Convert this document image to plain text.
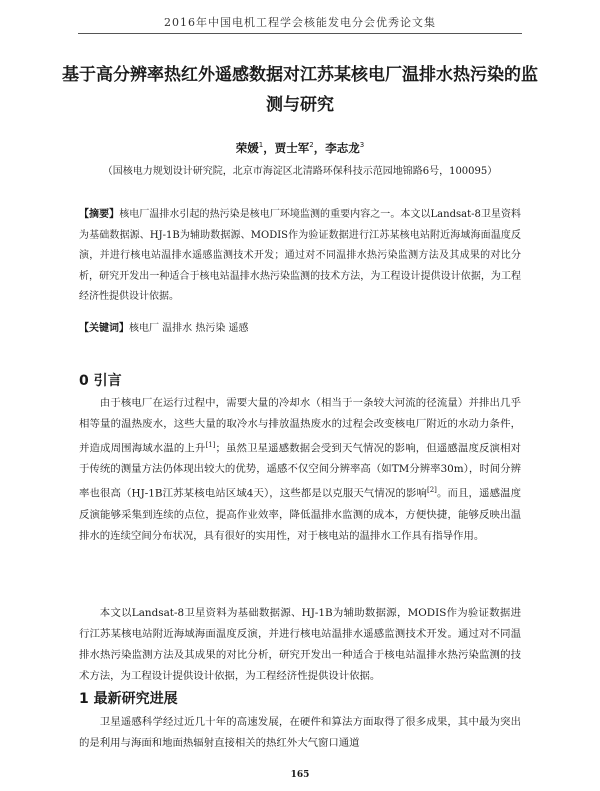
2016年中国电机工程学会核能发电分会优秀论文集
基于高分辨率热红外遥感数据对江苏某核电厂温排水热污染的监测与研究
荣媛$^1$，贾士军$^2$，李志龙$^3$
（国核电力规划设计研究院，北京市海淀区北清路环保科技示范园地锦路6号，100095）

【摘要】核电厂温排水引起的热污染是核电厂环境监测的重要内容之一。本文以Landsat-8卫星资料为基础数据源、HJ-1B为辅助数据源、MODIS作为验证数据进行江苏某核电站附近海域海面温度反演，并进行核电站温排水遥感监测技术开发；通过对不同温排水热污染监测方法及其成果的对比分析，研究开发出一种适合于核电站温排水热污染监测的技术方法，为工程设计提供设计依据，为工程经济性提供设计依据。

【关键词】核电厂 温排水 热污染 遥感

0 引言

由于核电厂在运行过程中，需要大量的冷却水（相当于一条较大河流的径流量）并排出几乎相等量的温热废水，这些大量的取冷水与排放温热废水的过程会改变核电厂附近的水动力条件，并造成周围海域水温的上升[1]；虽然卫星遥感数据会受到天气情况的影响，但遥感温度反演相对于传统的测量方法仍体现出较大的优势，遥感不仅空间分辨率高（如TM分辨率30m），时间分辨率也很高（HJ-1B江苏某核电站区域4天），这些都是以克服天气情况的影响[2]。而且，遥感温度反演能够采集到连续的点位，提高作业效率，降低温排水监测的成本，方便快捷，能够反映出温排水的连续空间分布状况，具有很好的实用性，对于核电站的温排水工作具有指导作用。

本文以Landsat-8卫星资料为基础数据源、HJ-1B为辅助数据源，MODIS作为验证数据进行江苏某核电站附近海域海面温度反演，并进行核电站温排水遥感监测技术开发。通过对不同温排水热污染监测方法及其成果的对比分析，研究开发出一种适合于核电站温排水热污染监测的技术方法，为工程设计提供设计依据，为工程经济性提供设计依据。

1 最新研究进展

卫星遥感科学经过近几十年的高速发展，在硬件和算法方面取得了很多成果，其中最为突出的是利用与海面和地面热辐射直接相关的热红外大气窗口通道

165
